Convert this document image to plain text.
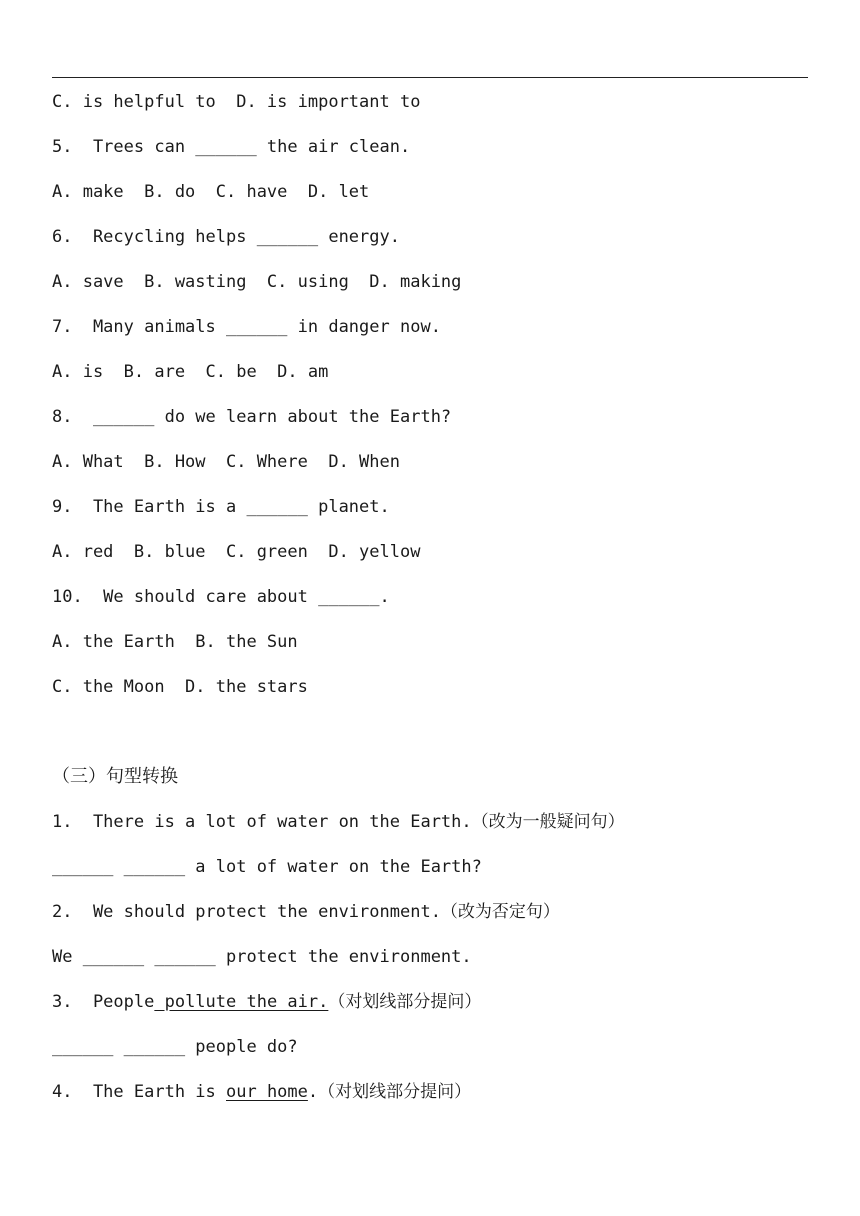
C. is helpful to  D. is important to
5.  Trees can ______ the air clean.
A. make  B. do  C. have  D. let
6.  Recycling helps ______ energy.
A. save  B. wasting  C. using  D. making
7.  Many animals ______ in danger now.
A. is  B. are  C. be  D. am
8.  ______ do we learn about the Earth?
A. What  B. How  C. Where  D. When
9.  The Earth is a ______ planet.
A. red  B. blue  C. green  D. yellow
10.  We should care about ______.
A. the Earth  B. the Sun
C. the Moon  D. the stars
（三）句型转换
1.  There is a lot of water on the Earth.（改为一般疑问句）
______ ______ a lot of water on the Earth?
2.  We should protect the environment.（改为否定句）
We ______ ______ protect the environment.
3.  People pollute the air.（对划线部分提问）
______ ______ people do?
4.  The Earth is our home.（对划线部分提问）
